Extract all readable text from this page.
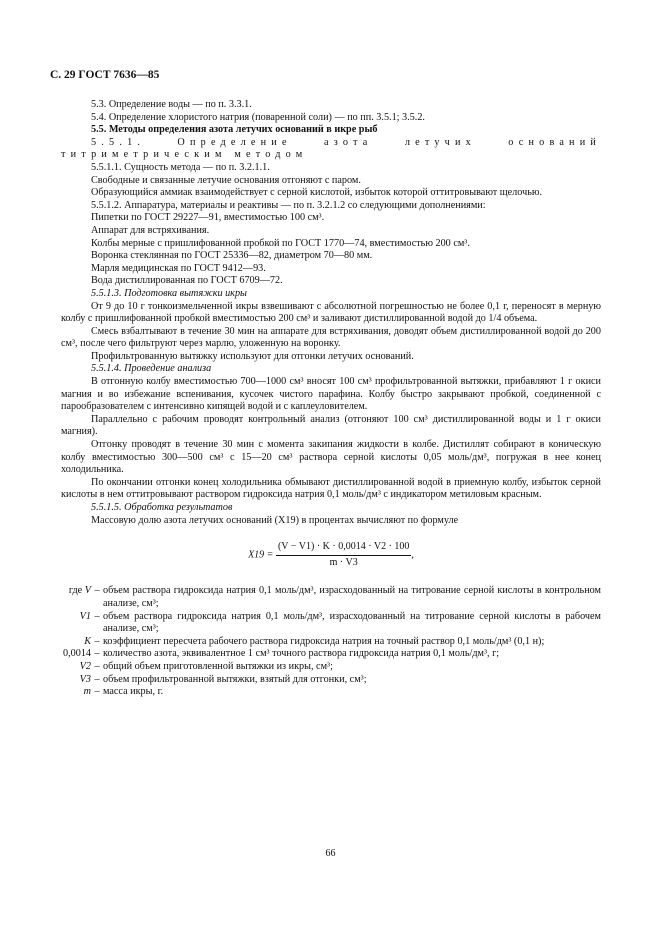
С. 29 ГОСТ 7636—85

5.3. Определение воды — по п. 3.3.1.

5.4. Определение хлористого натрия (поваренной соли) — по пп. 3.5.1; 3.5.2.

5.5. Методы определения азота летучих оснований в икре рыб

5.5.1. Определение азота летучих оснований титриметрическим методом

5.5.1.1. Сущность метода — по п. 3.2.1.1.

Свободные и связанные летучие основания отгоняют с паром.

Образующийся аммиак взаимодействует с серной кислотой, избыток которой оттитровывают щелочью.

5.5.1.2. Аппаратура, материалы и реактивы — по п. 3.2.1.2 со следующими дополнениями:

Пипетки по ГОСТ 29227—91, вместимостью 100 см³.

Аппарат для встряхивания.

Колбы мерные с пришлифованной пробкой по ГОСТ 1770—74, вместимостью 200 см³.

Воронка стеклянная по ГОСТ 25336—82, диаметром 70—80 мм.

Марля медицинская по ГОСТ 9412—93.

Вода дистиллированная по ГОСТ 6709—72.

5.5.1.3. Подготовка вытяжки икры

От 9 до 10 г тонкоизмельченной икры взвешивают с абсолютной погрешностью не более 0,1 г, переносят в мерную колбу с пришлифованной пробкой вместимостью 200 см³ и заливают дистиллированной водой до 1/4 объема.

Смесь взбалтывают в течение 30 мин на аппарате для встряхивания, доводят объем дистиллированной водой до 200 см³, после чего фильтруют через марлю, уложенную на воронку.

Профильтрованную вытяжку используют для отгонки летучих оснований.

5.5.1.4. Проведение анализа

В отгонную колбу вместимостью 700—1000 см³ вносят 100 см³ профильтрованной вытяжки, прибавляют 1 г окиси магния и во избежание вспенивания, кусочек чистого парафина. Колбу быстро закрывают пробкой, соединенной с парообразователем с интенсивно кипящей водой и с каплеуловителем.

Параллельно с рабочим проводят контрольный анализ (отгоняют 100 см³ дистиллированной воды и 1 г окиси магния).

Отгонку проводят в течение 30 мин с момента закипания жидкости в колбе. Дистиллят собирают в коническую колбу вместимостью 300—500 см³ с 15—20 см³ раствора серной кислоты 0,05 моль/дм³, погружая в нее конец холодильника.

По окончании отгонки конец холодильника обмывают дистиллированной водой в приемную колбу, избыток серной кислоты в нем оттитровывают раствором гидроксида натрия 0,1 моль/дм³ с индикатором метиловым красным.

5.5.1.5. Обработка результатов

Массовую долю азота летучих оснований (X19) в процентах вычисляют по формуле

$X19 = \frac{(V - V1) \cdot K \cdot 0,0014 \cdot V2 \cdot 100}{m \cdot V3}$ ,
где V – объем раствора гидроксида натрия 0,1 моль/дм³, израсходованный на титрование серной кислоты в контрольном анализе, см³;
V1 – объем раствора гидроксида натрия 0,1 моль/дм³, израсходованный на титрование серной кислоты в рабочем анализе, см³;
K – коэффициент пересчета рабочего раствора гидроксида натрия на точный раствор 0,1 моль/дм³ (0,1 н);
0,0014 – количество азота, эквивалентное 1 см³ точного раствора гидроксида натрия 0,1 моль/дм³, г;
V2 – общий объем приготовленной вытяжки из икры, см³;
V3 – объем профильтрованной вытяжки, взятый для отгонки, см³;
m – масса икры, г.
66
